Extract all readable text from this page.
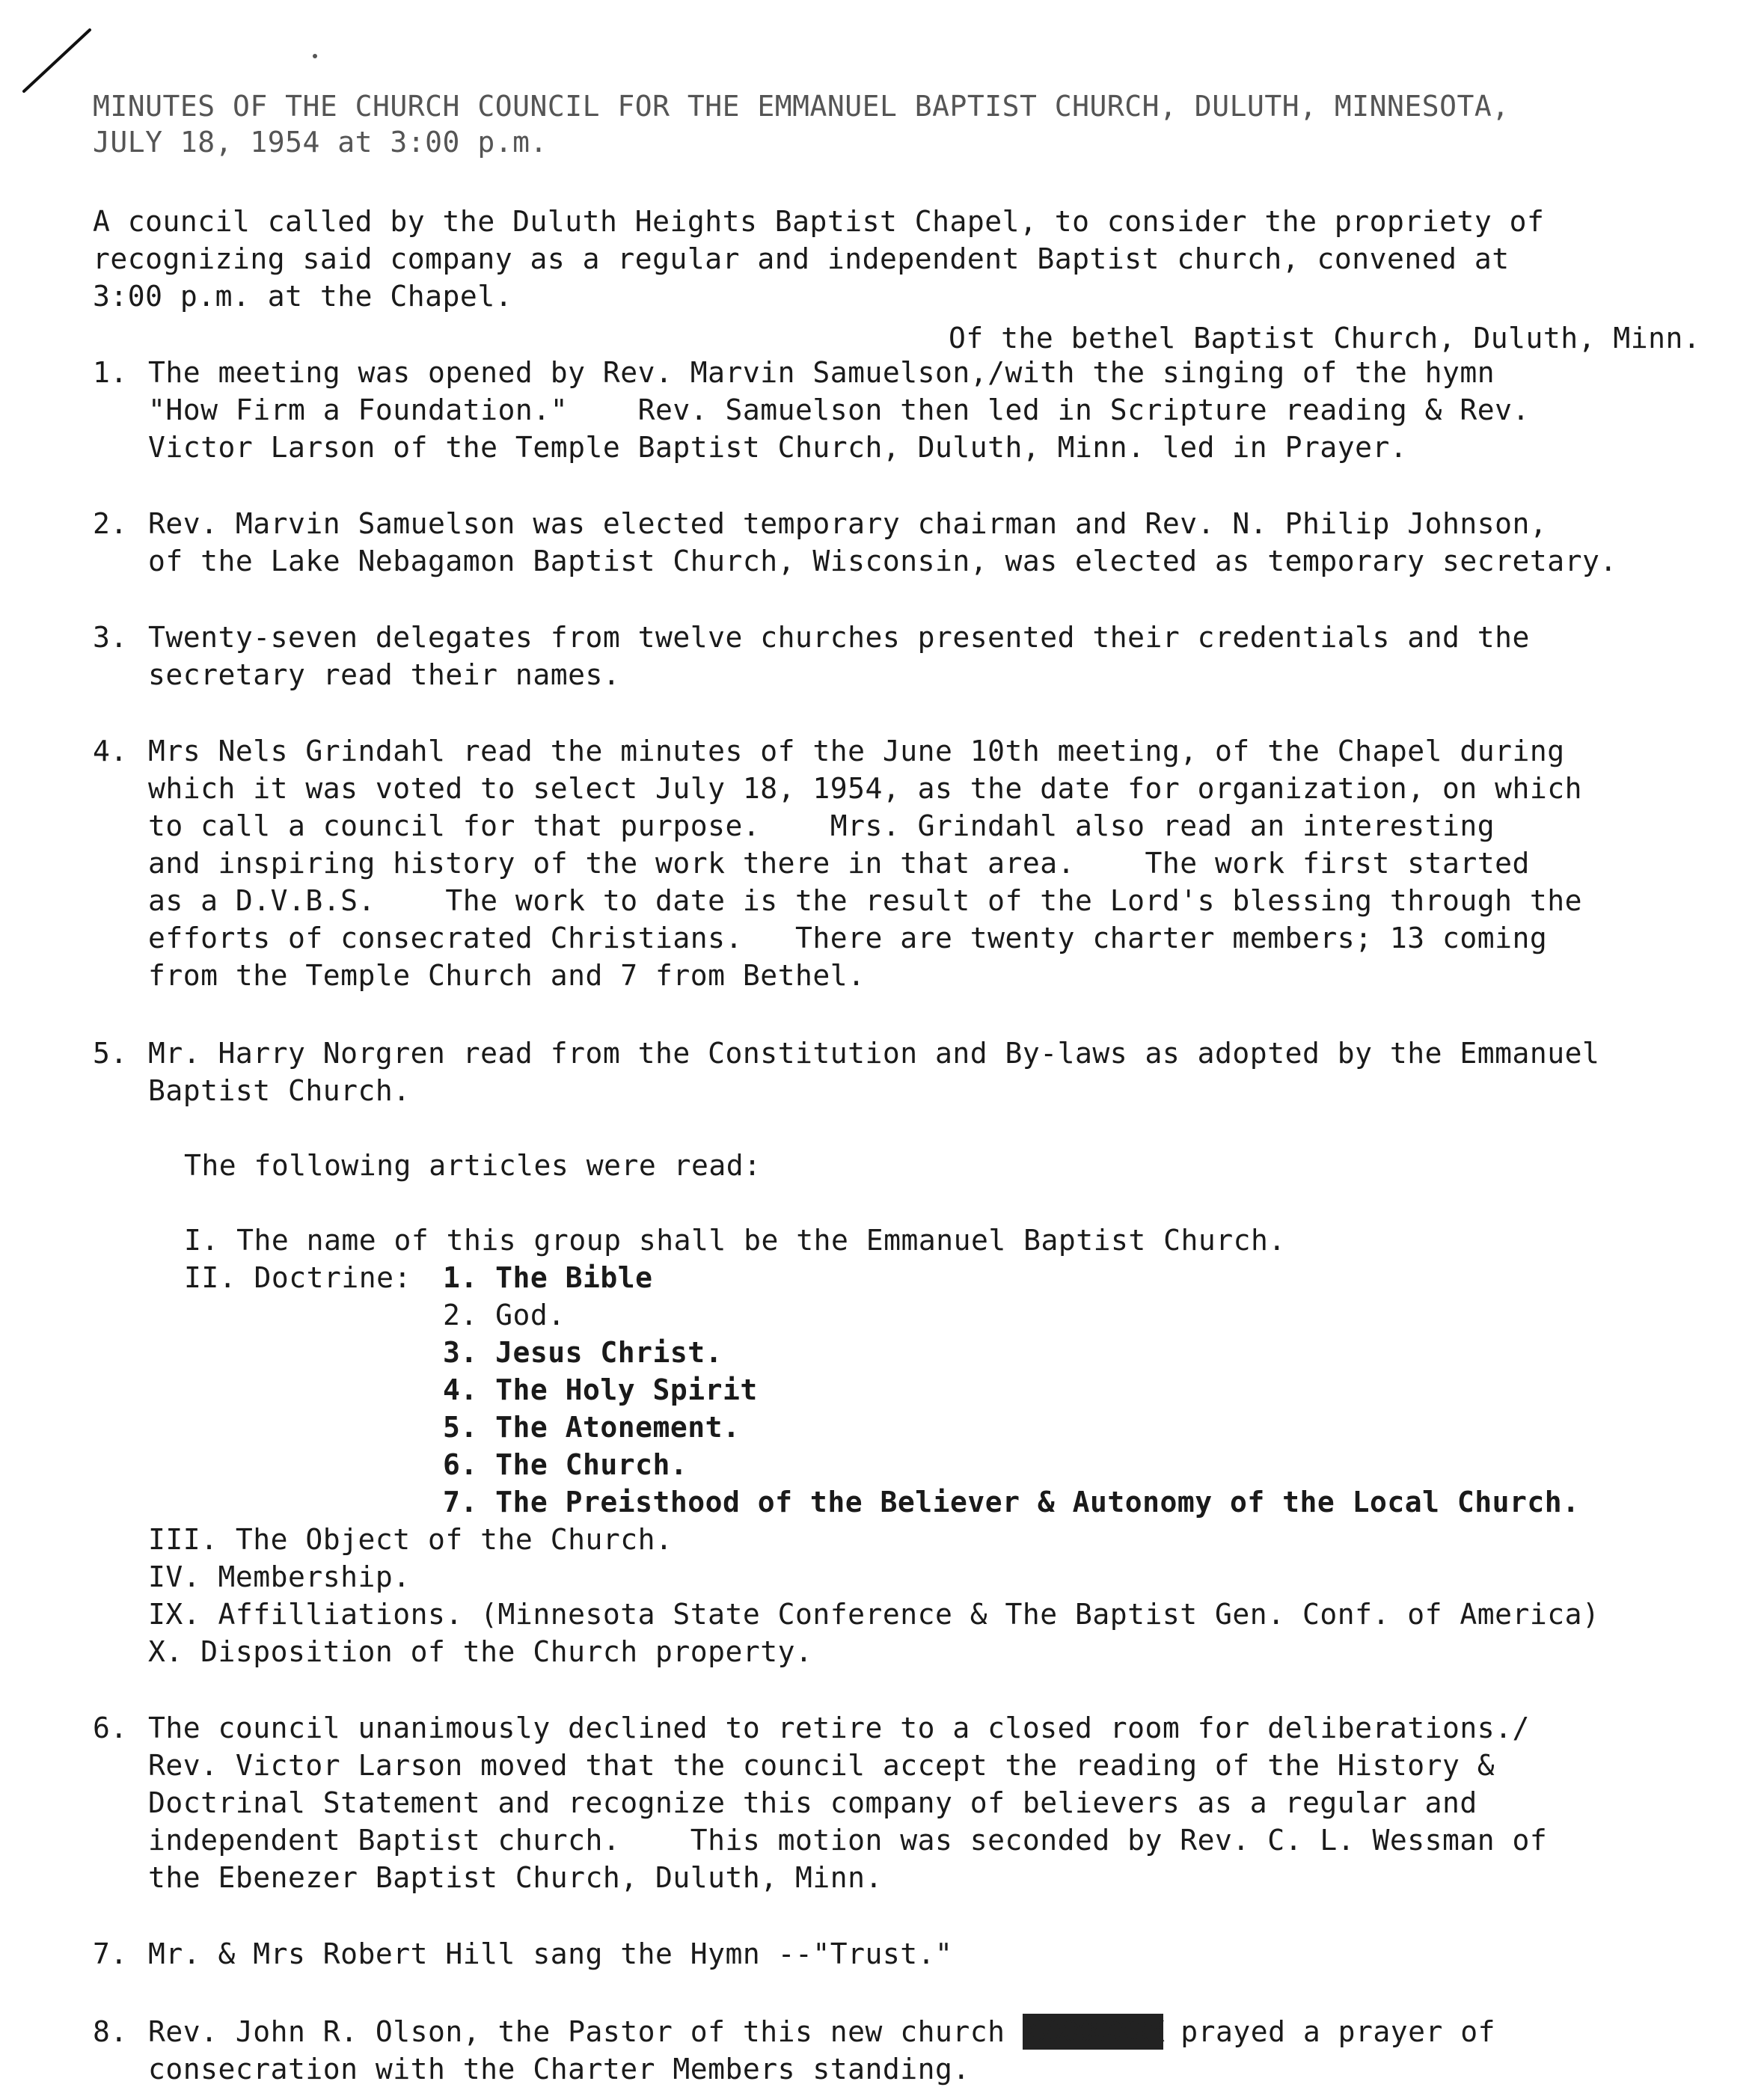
MINUTES OF THE CHURCH COUNCIL FOR THE EMMANUEL BAPTIST CHURCH, DULUTH, MINNESOTA,
JULY 18, 1954 at 3:00 p.m.
A council called by the Duluth Heights Baptist Chapel, to consider the propriety of
recognizing said company as a regular and independent Baptist church, convened at
3:00 p.m. at the Chapel.
Of the bethel Baptist Church, Duluth, Minn.
1. The meeting was opened by Rev. Marvin Samuelson,/with the singing of the hymn
"How Firm a Foundation."    Rev. Samuelson then led in Scripture reading & Rev.
Victor Larson of the Temple Baptist Church, Duluth, Minn. led in Prayer.
2. Rev. Marvin Samuelson was elected temporary chairman and Rev. N. Philip Johnson,
of the Lake Nebagamon Baptist Church, Wisconsin, was elected as temporary secretary.
3. Twenty-seven delegates from twelve churches presented their credentials and the
secretary read their names.
4. Mrs Nels Grindahl read the minutes of the June 10th meeting, of the Chapel during
which it was voted to select July 18, 1954, as the date for organization, on which
to call a council for that purpose.    Mrs. Grindahl also read an interesting
and inspiring history of the work there in that area.    The work first started
as a D.V.B.S.    The work to date is the result of the Lord's blessing through the
efforts of consecrated Christians.   There are twenty charter members; 13 coming
from the Temple Church and 7 from Bethel.
5. Mr. Harry Norgren read from the Constitution and By-laws as adopted by the Emmanuel
Baptist Church.
The following articles were read:
I. The name of this group shall be the Emmanuel Baptist Church.
II. Doctrine: 1. The Bible
2. God.
3. Jesus Christ.
4. The Holy Spirit
5. The Atonement.
6. The Church.
7. The Preisthood of the Believer & Autonomy of the Local Church.
III. The Object of the Church.
IV. Membership.
IX. Affilliations. (Minnesota State Conference & The Baptist Gen. Conf. of America)
X. Disposition of the Church property.
6. The council unanimously declined to retire to a closed room for deliberations./
Rev. Victor Larson moved that the council accept the reading of the History &
Doctrinal Statement and recognize this company of believers as a regular and
independent Baptist church.    This motion was seconded by Rev. C. L. Wessman of
the Ebenezer Baptist Church, Duluth, Minn.
7. Mr. & Mrs Robert Hill sang the Hymn --"Trust."
8. Rev. John R. Olson, the Pastor of this new church XXXXXXXXX prayed a prayer of
consecration with the Charter Members standing.
